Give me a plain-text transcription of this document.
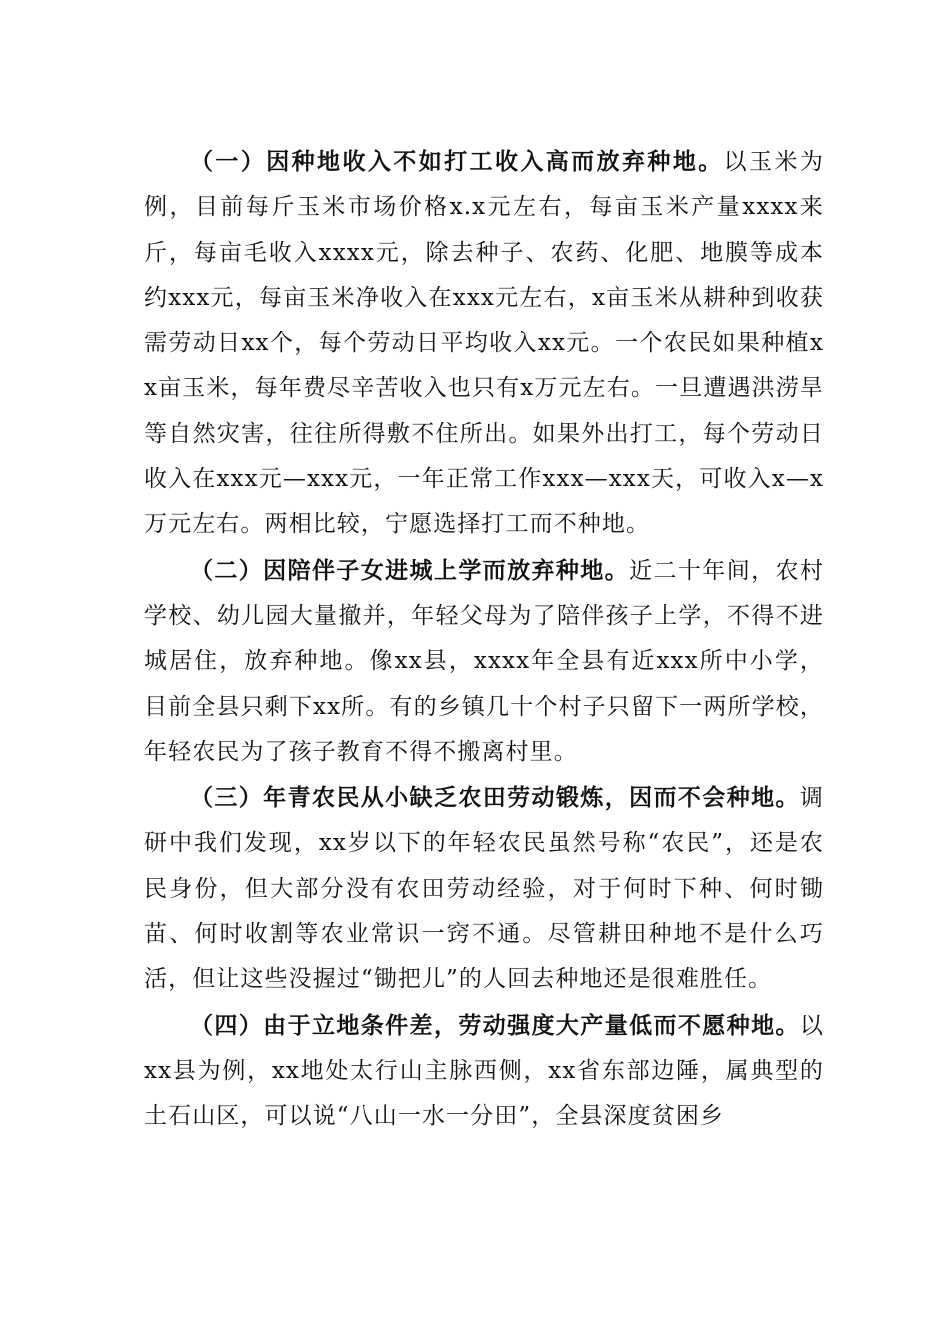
（一）因种地收入不如打工收入高而放弃种地。以玉米为例，目前每斤玉米市场价格x.x元左右，每亩玉米产量xxxx来斤，每亩毛收入xxxx元，除去种子、农药、化肥、地膜等成本约xxx元，每亩玉米净收入在xxx元左右，x亩玉米从耕种到收获需劳动日xx个，每个劳动日平均收入xx元。一个农民如果种植xx亩玉米，每年费尽辛苦收入也只有x万元左右。一旦遭遇洪涝旱等自然灾害，往往所得敷不住所出。如果外出打工，每个劳动日收入在xxx元—xxx元，一年正常工作xxx—xxx天，可收入x—x万元左右。两相比较，宁愿选择打工而不种地。

（二）因陪伴子女进城上学而放弃种地。近二十年间，农村学校、幼儿园大量撤并，年轻父母为了陪伴孩子上学，不得不进城居住，放弃种地。像xx县，xxxx年全县有近xxx所中小学，目前全县只剩下xx所。有的乡镇几十个村子只留下一两所学校，年轻农民为了孩子教育不得不搬离村里。

（三）年青农民从小缺乏农田劳动锻炼，因而不会种地。调研中我们发现，xx岁以下的年轻农民虽然号称“农民”，还是农民身份，但大部分没有农田劳动经验，对于何时下种、何时锄苗、何时收割等农业常识一窍不通。尽管耕田种地不是什么巧活，但让这些没握过“锄把儿”的人回去种地还是很难胜任。

（四）由于立地条件差，劳动强度大产量低而不愿种地。以xx县为例，xx地处太行山主脉西侧，xx省东部边陲，属典型的土石山区，可以说“八山一水一分田”，全县深度贫困乡
